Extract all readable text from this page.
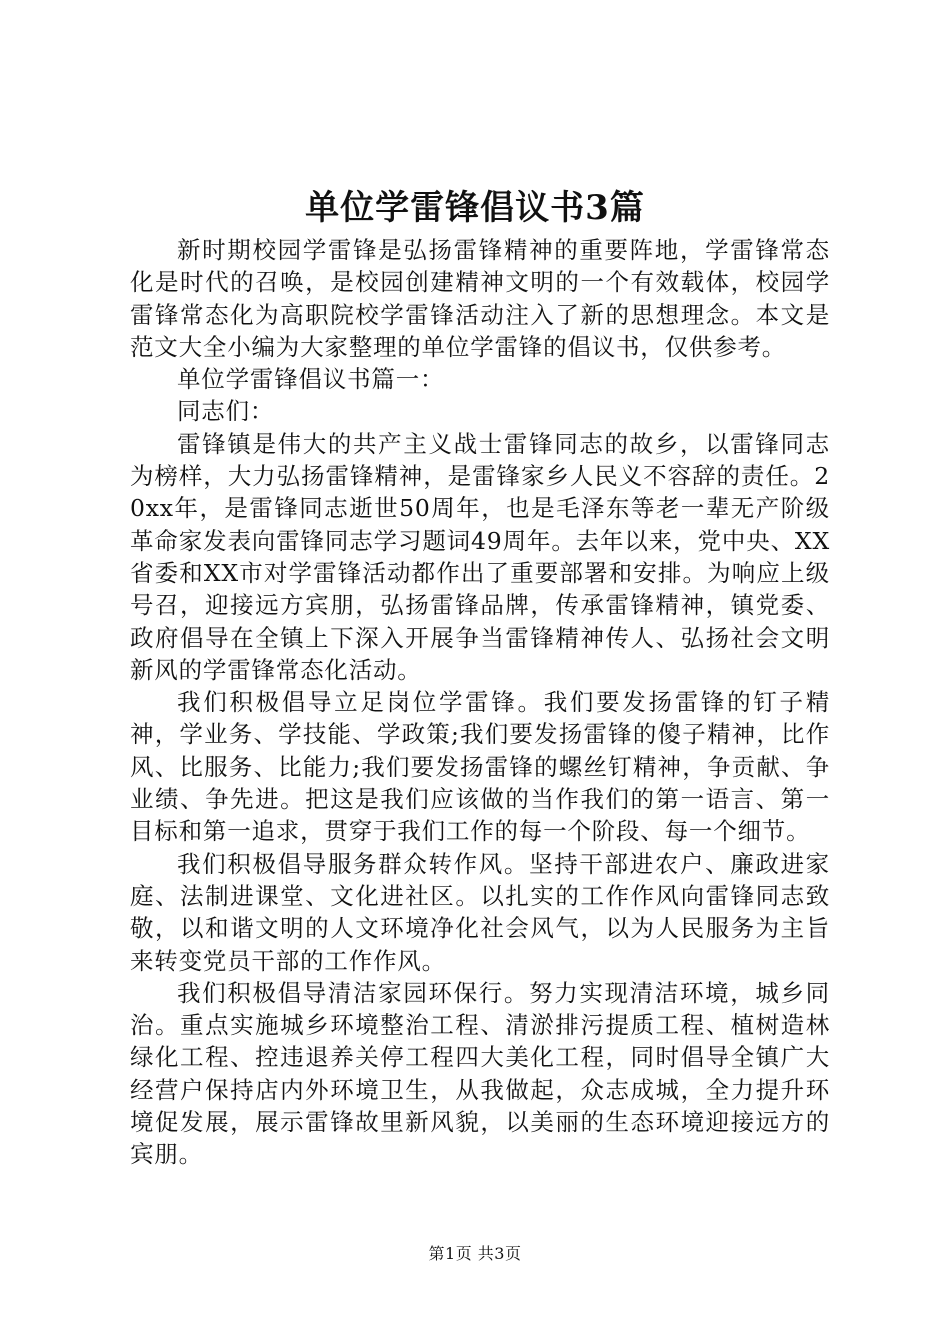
单位学雷锋倡议书3篇

新时期校园学雷锋是弘扬雷锋精神的重要阵地，学雷锋常态化是时代的召唤，是校园创建精神文明的一个有效载体，校园学雷锋常态化为高职院校学雷锋活动注入了新的思想理念。本文是范文大全小编为大家整理的单位学雷锋的倡议书，仅供参考。

单位学雷锋倡议书篇一：

同志们：

雷锋镇是伟大的共产主义战士雷锋同志的故乡，以雷锋同志为榜样，大力弘扬雷锋精神，是雷锋家乡人民义不容辞的责任。20xx年，是雷锋同志逝世50周年，也是毛泽东等老一辈无产阶级革命家发表向雷锋同志学习题词49周年。去年以来，党中央、XX省委和XX市对学雷锋活动都作出了重要部署和安排。为响应上级号召，迎接远方宾朋，弘扬雷锋品牌，传承雷锋精神，镇党委、政府倡导在全镇上下深入开展争当雷锋精神传人、弘扬社会文明新风的学雷锋常态化活动。

我们积极倡导立足岗位学雷锋。我们要发扬雷锋的钉子精神，学业务、学技能、学政策;我们要发扬雷锋的傻子精神，比作风、比服务、比能力;我们要发扬雷锋的螺丝钉精神，争贡献、争业绩、争先进。把这是我们应该做的当作我们的第一语言、第一目标和第一追求，贯穿于我们工作的每一个阶段、每一个细节。

我们积极倡导服务群众转作风。坚持干部进农户、廉政进家庭、法制进课堂、文化进社区。以扎实的工作作风向雷锋同志致敬，以和谐文明的人文环境净化社会风气，以为人民服务为主旨来转变党员干部的工作作风。

我们积极倡导清洁家园环保行。努力实现清洁环境，城乡同治。重点实施城乡环境整治工程、清淤排污提质工程、植树造林绿化工程、控违退养关停工程四大美化工程，同时倡导全镇广大经营户保持店内外环境卫生，从我做起，众志成城，全力提升环境促发展，展示雷锋故里新风貌，以美丽的生态环境迎接远方的宾朋。

第1页 共3页
